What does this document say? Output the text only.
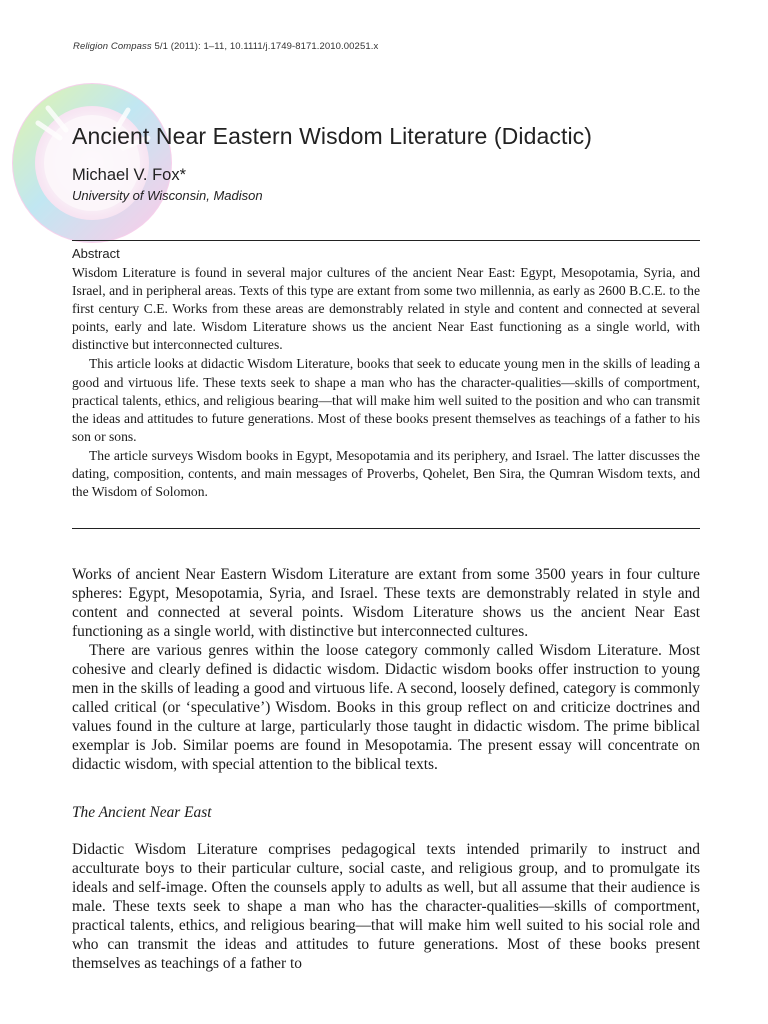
Religion Compass 5/1 (2011): 1–11, 10.1111/j.1749-8171.2010.00251.x
Ancient Near Eastern Wisdom Literature (Didactic)
Michael V. Fox*
University of Wisconsin, Madison
Abstract

Wisdom Literature is found in several major cultures of the ancient Near East: Egypt, Mesopotamia, Syria, and Israel, and in peripheral areas. Texts of this type are extant from some two millennia, as early as 2600 B.C.E. to the first century C.E. Works from these areas are demonstrably related in style and content and connected at several points, early and late. Wisdom Literature shows us the ancient Near East functioning as a single world, with distinctive but interconnected cultures.

This article looks at didactic Wisdom Literature, books that seek to educate young men in the skills of leading a good and virtuous life. These texts seek to shape a man who has the character-qualities—skills of comportment, practical talents, ethics, and religious bearing—that will make him well suited to the position and who can transmit the ideas and attitudes to future generations. Most of these books present themselves as teachings of a father to his son or sons.

The article surveys Wisdom books in Egypt, Mesopotamia and its periphery, and Israel. The latter discusses the dating, composition, contents, and main messages of Proverbs, Qohelet, Ben Sira, the Qumran Wisdom texts, and the Wisdom of Solomon.

Works of ancient Near Eastern Wisdom Literature are extant from some 3500 years in four culture spheres: Egypt, Mesopotamia, Syria, and Israel. These texts are demonstrably related in style and content and connected at several points. Wisdom Literature shows us the ancient Near East functioning as a single world, with distinctive but interconnected cultures.

There are various genres within the loose category commonly called Wisdom Literature. Most cohesive and clearly defined is didactic wisdom. Didactic wisdom books offer instruction to young men in the skills of leading a good and virtuous life. A second, loosely defined, category is commonly called critical (or ‘speculative’) Wisdom. Books in this group reflect on and criticize doctrines and values found in the culture at large, particularly those taught in didactic wisdom. The prime biblical exemplar is Job. Similar poems are found in Mesopotamia. The present essay will concentrate on didactic wisdom, with special attention to the biblical texts.

The Ancient Near East

Didactic Wisdom Literature comprises pedagogical texts intended primarily to instruct and acculturate boys to their particular culture, social caste, and religious group, and to promulgate its ideals and self-image. Often the counsels apply to adults as well, but all assume that their audience is male. These texts seek to shape a man who has the character-qualities—skills of comportment, practical talents, ethics, and religious bearing—that will make him well suited to his social role and who can transmit the ideas and attitudes to future generations. Most of these books present themselves as teachings of a father to
